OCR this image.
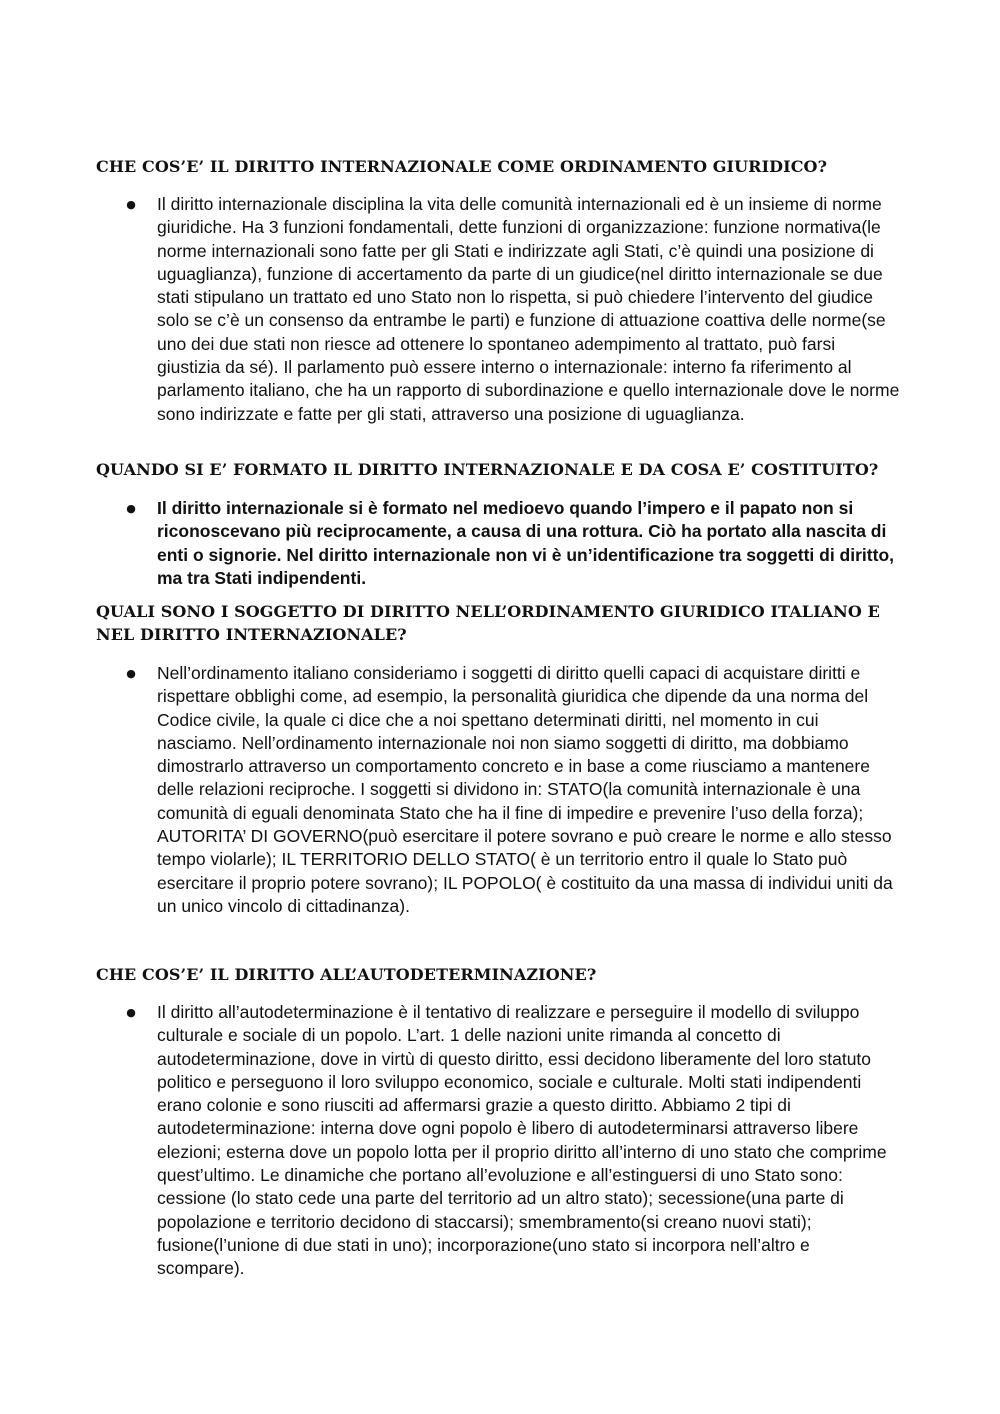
CHE COS’E’ IL DIRITTO INTERNAZIONALE COME ORDINAMENTO GIURIDICO?
● Il diritto internazionale disciplina la vita delle comunità internazionali ed è un insieme di norme giuridiche. Ha 3 funzioni fondamentali, dette funzioni di organizzazione: funzione normativa(le norme internazionali sono fatte per gli Stati e indirizzate agli Stati, c’è quindi una posizione di uguaglianza), funzione di accertamento da parte di un giudice(nel diritto internazionale se due stati stipulano un trattato ed uno Stato non lo rispetta, si può chiedere l’intervento del giudice solo se c’è un consenso da entrambe le parti) e funzione di attuazione coattiva delle norme(se uno dei due stati non riesce ad ottenere lo spontaneo adempimento al trattato, può farsi giustizia da sé). Il parlamento può essere interno o internazionale: interno fa riferimento al parlamento italiano, che ha un rapporto di subordinazione e quello internazionale dove le norme sono indirizzate e fatte per gli stati, attraverso una posizione di uguaglianza.

QUANDO SI E’ FORMATO IL DIRITTO INTERNAZIONALE E DA COSA E’ COSTITUITO?
● Il diritto internazionale si è formato nel medioevo quando l’impero e il papato non si riconoscevano più reciprocamente, a causa di una rottura. Ciò ha portato alla nascita di enti o signorie. Nel diritto internazionale non vi è un’identificazione tra soggetti di diritto, ma tra Stati indipendenti.

QUALI SONO I SOGGETTO DI DIRITTO NELL’ORDINAMENTO GIURIDICO ITALIANO E NEL DIRITTO INTERNAZIONALE?
● Nell’ordinamento italiano consideriamo i soggetti di diritto quelli capaci di acquistare diritti e rispettare obblighi come, ad esempio, la personalità giuridica che dipende da una norma del Codice civile, la quale ci dice che a noi spettano determinati diritti, nel momento in cui nasciamo. Nell’ordinamento internazionale noi non siamo soggetti di diritto, ma dobbiamo dimostrarlo attraverso un comportamento concreto e in base a come riusciamo a mantenere delle relazioni reciproche. I soggetti si dividono in: STATO(la comunità internazionale è una comunità di eguali denominata Stato che ha il fine di impedire e prevenire l’uso della forza); AUTORITA’ DI GOVERNO(può esercitare il potere sovrano e può creare le norme e allo stesso tempo violarle); IL TERRITORIO DELLO STATO( è un territorio entro il quale lo Stato può esercitare il proprio potere sovrano); IL POPOLO( è costituito da una massa di individui uniti da un unico vincolo di cittadinanza).

CHE COS’E’ IL DIRITTO ALL’AUTODETERMINAZIONE?
● Il diritto all’autodeterminazione è il tentativo di realizzare e perseguire il modello di sviluppo culturale e sociale di un popolo. L’art. 1 delle nazioni unite rimanda al concetto di autodeterminazione, dove in virtù di questo diritto, essi decidono liberamente del loro statuto politico e perseguono il loro sviluppo economico, sociale e culturale. Molti stati indipendenti erano colonie e sono riusciti ad affermarsi grazie a questo diritto. Abbiamo 2 tipi di autodeterminazione: interna dove ogni popolo è libero di autodeterminarsi attraverso libere elezioni; esterna dove un popolo lotta per il proprio diritto all’interno di uno stato che comprime quest’ultimo. Le dinamiche che portano all’evoluzione e all’estinguersi di uno Stato sono: cessione (lo stato cede una parte del territorio ad un altro stato); secessione(una parte di popolazione e territorio decidono di staccarsi); smembramento(si creano nuovi stati); fusione(l’unione di due stati in uno); incorporazione(uno stato si incorpora nell’altro e scompare).
